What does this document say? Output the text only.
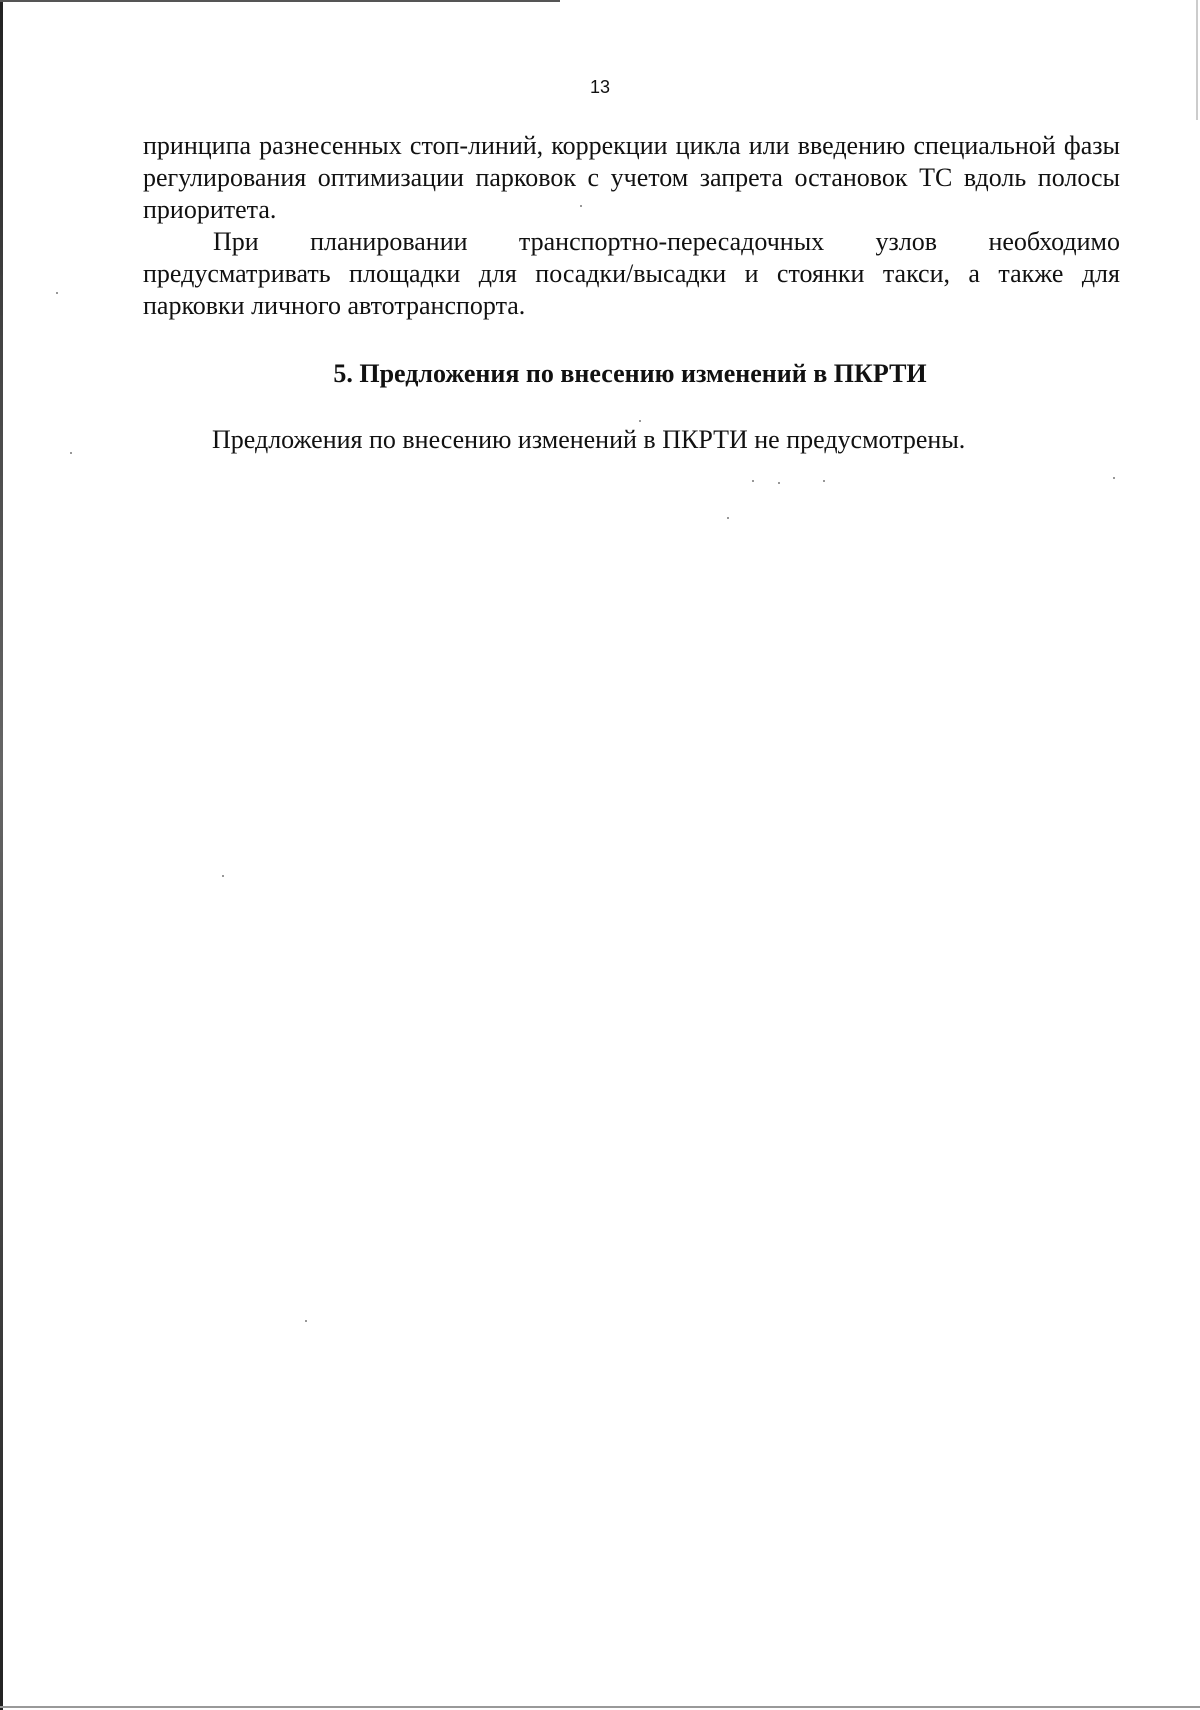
13

принципа разнесенных стоп-линий, коррекции цикла или введению специальной фазы регулирования оптимизации парковок с учетом запрета остановок ТС вдоль полосы приоритета.

При планировании транспортно-пересадочных узлов необходимо предусматривать площадки для посадки/высадки и стоянки такси, а также для парковки личного автотранспорта.

5. Предложения по внесению изменений в ПКРТИ

Предложения по внесению изменений в ПКРТИ не предусмотрены.
